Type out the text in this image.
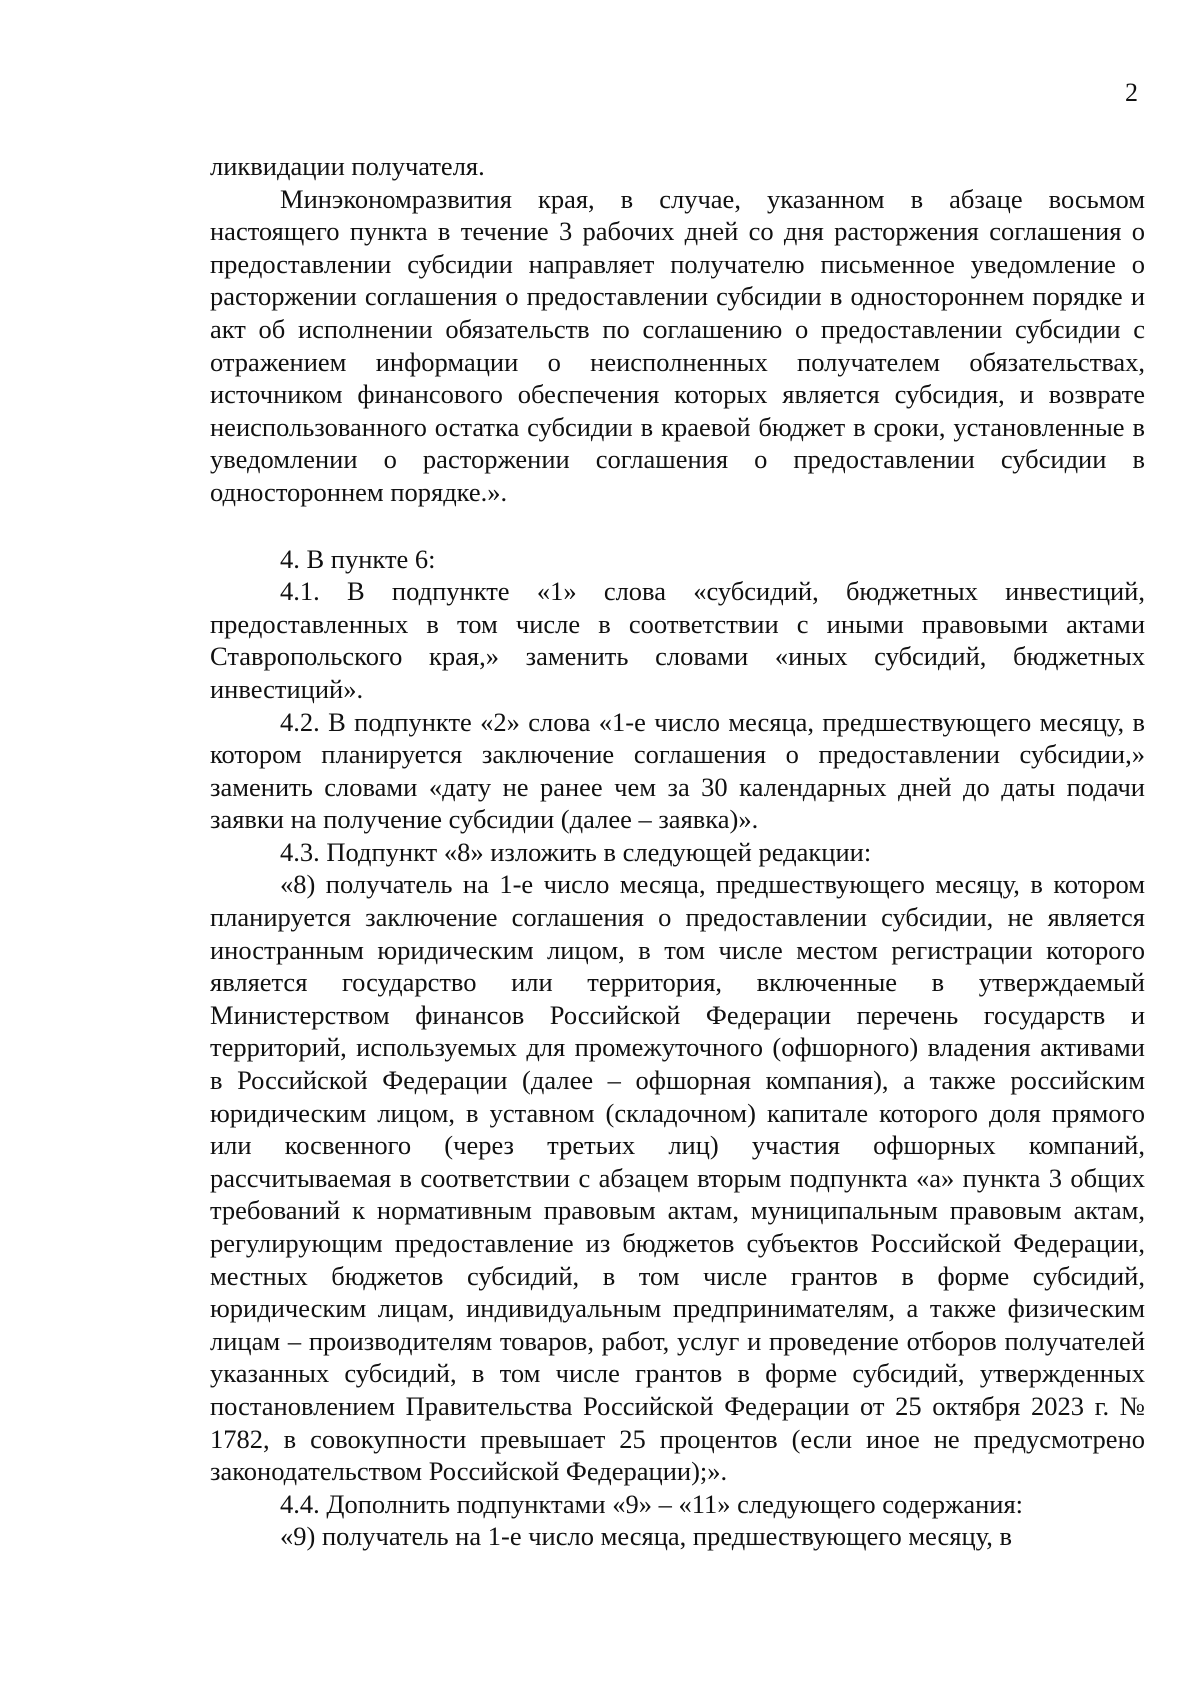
2

ликвидации получателя.

Минэкономразвития края, в случае, указанном в абзаце восьмом настоящего пункта в течение 3 рабочих дней со дня расторжения соглашения о предоставлении субсидии направляет получателю письменное уведомление о расторжении соглашения о предоставлении субсидии в одностороннем порядке и акт об исполнении обязательств по соглашению о предоставлении субсидии с отражением информации о неисполненных получателем обязательствах, источником финансового обеспечения которых является субсидия, и возврате неиспользованного остатка субсидии в краевой бюджет в сроки, установленные в уведомлении о расторжении соглашения о предоставлении субсидии в одностороннем порядке.».

4. В пункте 6:

4.1. В подпункте «1» слова «субсидий, бюджетных инвестиций, предоставленных в том числе в соответствии с иными правовыми актами Ставропольского края,» заменить словами «иных субсидий, бюджетных инвестиций».

4.2. В подпункте «2» слова «1-е число месяца, предшествующего месяцу, в котором планируется заключение соглашения о предоставлении субсидии,» заменить словами «дату не ранее чем за 30 календарных дней до даты подачи заявки на получение субсидии (далее – заявка)».

4.3. Подпункт «8» изложить в следующей редакции:

«8) получатель на 1-е число месяца, предшествующего месяцу, в котором планируется заключение соглашения о предоставлении субсидии, не является иностранным юридическим лицом, в том числе местом регистрации которого является государство или территория, включенные в утверждаемый Министерством финансов Российской Федерации перечень государств и территорий, используемых для промежуточного (офшорного) владения активами в Российской Федерации (далее – офшорная компания), а также российским юридическим лицом, в уставном (складочном) капитале которого доля прямого или косвенного (через третьих лиц) участия офшорных компаний, рассчитываемая в соответствии с абзацем вторым подпункта «а» пункта 3 общих требований к нормативным правовым актам, муниципальным правовым актам, регулирующим предоставление из бюджетов субъектов Российской Федерации, местных бюджетов субсидий, в том числе грантов в форме субсидий, юридическим лицам, индивидуальным предпринимателям, а также физическим лицам – производителям товаров, работ, услуг и проведение отборов получателей указанных субсидий, в том числе грантов в форме субсидий, утвержденных постановлением Правительства Российской Федерации от 25 октября 2023 г. № 1782, в совокупности превышает 25 процентов (если иное не предусмотрено законодательством Российской Федерации);».

4.4. Дополнить подпунктами «9» – «11» следующего содержания:

«9) получатель на 1-е число месяца, предшествующего месяцу, в
